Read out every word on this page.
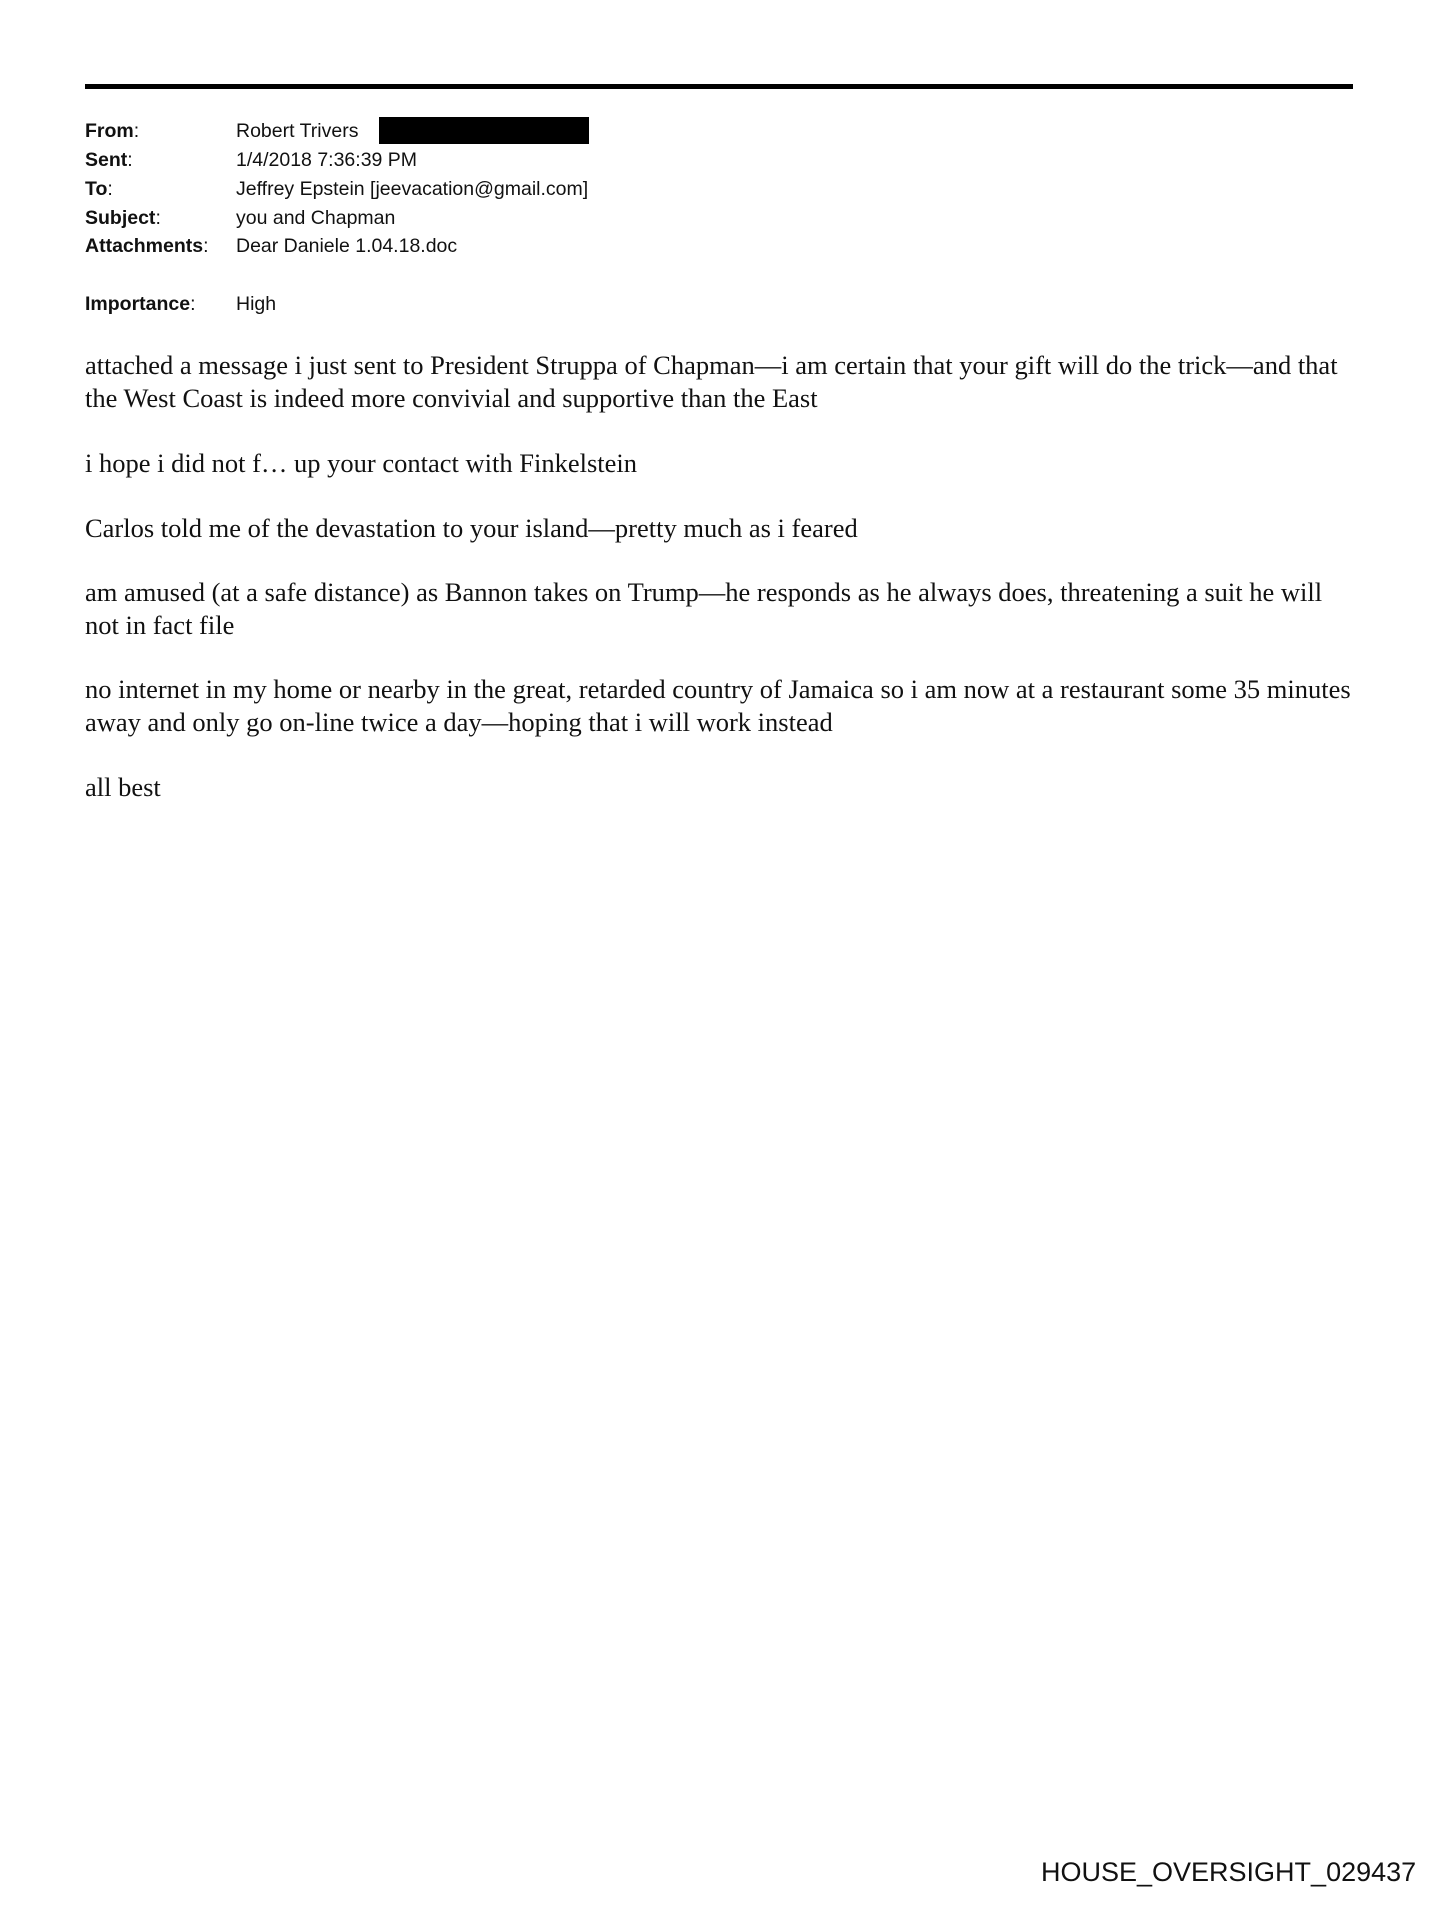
From:	Robert Trivers
Sent:	1/4/2018 7:36:39 PM
To:	Jeffrey Epstein [jeevacation@gmail.com]
Subject:	you and Chapman
Attachments: Dear Daniele 1.04.18.doc
Importance: High

attached a message i just sent to President Struppa of Chapman—i am certain that your gift will do the trick—and that the West Coast is indeed more convivial and supportive than the East

i hope i did not f… up your contact with Finkelstein

Carlos told me of the devastation to your island—pretty much as i feared

am amused (at a safe distance) as Bannon takes on Trump—he responds as he always does, threatening a suit he will not in fact file

no internet in my home or nearby in the great, retarded country of Jamaica so i am now at a restaurant some 35 minutes away and only go on-line twice a day—hoping that i will work instead

all best

HOUSE_OVERSIGHT_029437
